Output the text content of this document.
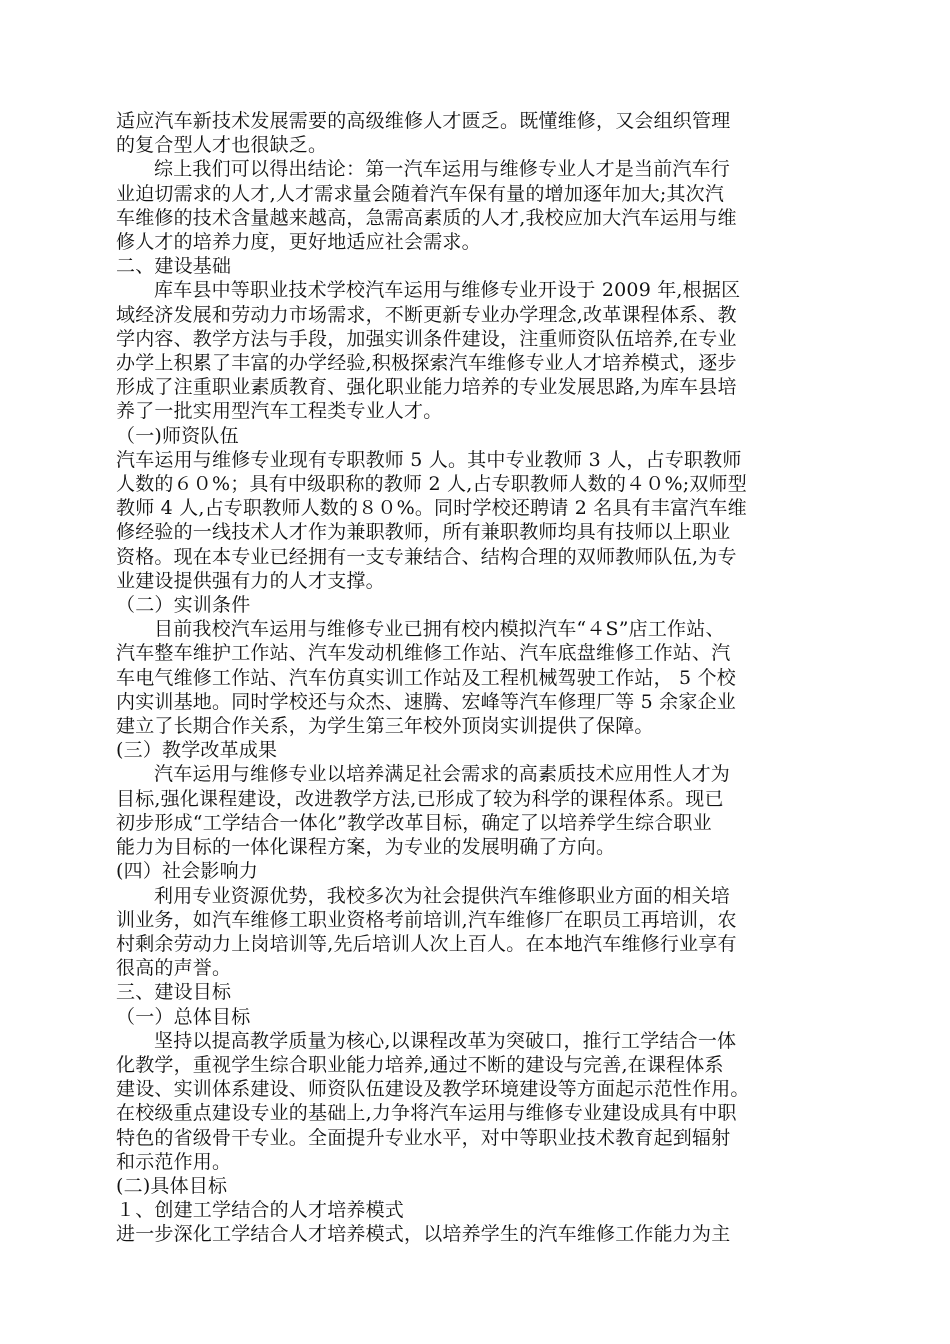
适应汽车新技术发展需要的高级维修人才匮乏。既懂维修，又会组织管理
的复合型人才也很缺乏。
综上我们可以得出结论：第一汽车运用与维修专业人才是当前汽车行
业迫切需求的人才,人才需求量会随着汽车保有量的增加逐年加大;其次汽
车维修的技术含量越来越高，急需高素质的人才,我校应加大汽车运用与维
修人才的培养力度，更好地适应社会需求。
二、建设基础
库车县中等职业技术学校汽车运用与维修专业开设于 2009 年,根据区
域经济发展和劳动力市场需求，不断更新专业办学理念,改革课程体系、教
学内容、教学方法与手段，加强实训条件建设，注重师资队伍培养,在专业
办学上积累了丰富的办学经验,积极探索汽车维修专业人才培养模式，逐步
形成了注重职业素质教育、强化职业能力培养的专业发展思路,为库车县培
养了一批实用型汽车工程类专业人才。
（一)师资队伍
汽车运用与维修专业现有专职教师 5 人。其中专业教师 3 人，占专职教师
人数的６０%；具有中级职称的教师 2 人,占专职教师人数的４０%;双师型
教师 4 人,占专职教师人数的８０%。同时学校还聘请 2 名具有丰富汽车维
修经验的一线技术人才作为兼职教师，所有兼职教师均具有技师以上职业
资格。现在本专业已经拥有一支专兼结合、结构合理的双师教师队伍,为专
业建设提供强有力的人才支撑。
（二）实训条件
目前我校汽车运用与维修专业已拥有校内模拟汽车“４S”店工作站、
汽车整车维护工作站、汽车发动机维修工作站、汽车底盘维修工作站、汽
车电气维修工作站、汽车仿真实训工作站及工程机械驾驶工作站， 5 个校
内实训基地。同时学校还与众杰、速腾、宏峰等汽车修理厂等 5 余家企业
建立了长期合作关系，为学生第三年校外顶岗实训提供了保障。
(三）教学改革成果
汽车运用与维修专业以培养满足社会需求的高素质技术应用性人才为
目标,强化课程建设，改进教学方法,已形成了较为科学的课程体系。现已
初步形成“工学结合一体化”教学改革目标，确定了以培养学生综合职业
能力为目标的一体化课程方案，为专业的发展明确了方向。
(四）社会影响力
利用专业资源优势，我校多次为社会提供汽车维修职业方面的相关培
训业务，如汽车维修工职业资格考前培训,汽车维修厂在职员工再培训，农
村剩余劳动力上岗培训等,先后培训人次上百人。在本地汽车维修行业享有
很高的声誉。
三、建设目标
（一）总体目标
坚持以提高教学质量为核心,以课程改革为突破口，推行工学结合一体
化教学，重视学生综合职业能力培养,通过不断的建设与完善,在课程体系
建设、实训体系建设、师资队伍建设及教学环境建设等方面起示范性作用。
在校级重点建设专业的基础上,力争将汽车运用与维修专业建设成具有中职
特色的省级骨干专业。全面提升专业水平，对中等职业技术教育起到辐射
和示范作用。
(二)具体目标
１、创建工学结合的人才培养模式
进一步深化工学结合人才培养模式，以培养学生的汽车维修工作能力为主
